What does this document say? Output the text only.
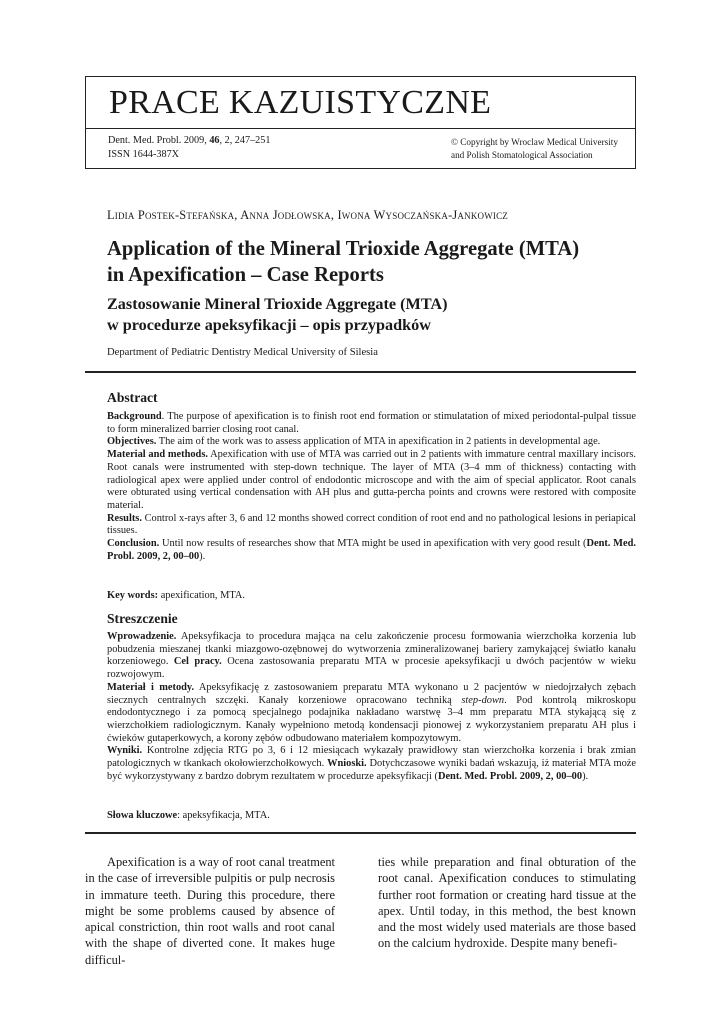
PRACE KAZUISTYCZNE
Dent. Med. Probl. 2009, 46, 2, 247–251
ISSN 1644-387X
© Copyright by Wroclaw Medical University
and Polish Stomatological Association
Lidia Postek-Stefańska, Anna Jodłowska, Iwona Wysoczańska-Jankowicz
Application of the Mineral Trioxide Aggregate (MTA)
in Apexification – Case Reports
Zastosowanie Mineral Trioxide Aggregate (MTA)
w procedurze apeksyfikacji – opis przypadków
Department of Pediatric Dentistry Medical University of Silesia
Abstract

Background. The purpose of apexification is to finish root end formation or stimulatation of mixed periodontal-pulpal tissue to form mineralized barrier closing root canal.

Objectives. The aim of the work was to assess application of MTA in apexification in 2 patients in developmental age.

Material and methods. Apexification with use of MTA was carried out in 2 patients with immature central maxillary incisors. Root canals were instrumented with step-down technique. The layer of MTA (3–4 mm of thickness) contacting with radiological apex were applied under control of endodontic microscope and with the aim of special applicator. Root canals were obturated using vertical condensation with AH plus and gutta-percha points and crowns were restored with composite material.

Results. Control x-rays after 3, 6 and 12 months showed correct condition of root end and no pathological lesions in periapical tissues.

Conclusion. Until now results of researches show that MTA might be used in apexification with very good result (Dent. Med. Probl. 2009, 2, 00–00).

Key words: apexification, MTA.
Streszczenie

Wprowadzenie. Apeksyfikacja to procedura mająca na celu zakończenie procesu formowania wierzchołka korzenia lub pobudzenia mieszanej tkanki miazgowo-ozębnowej do wytworzenia zmineralizowanej bariery zamykającej światło kanału korzeniowego. Cel pracy. Ocena zastosowania preparatu MTA w procesie apeksyfikacji u dwóch pacjentów w wieku rozwojowym.

Materiał i metody. Apeksyfikację z zastosowaniem preparatu MTA wykonano u 2 pacjentów w niedojrzałych zębach siecznych centralnych szczęki. Kanały korzeniowe opracowano techniką step-down. Pod kontrolą mikroskopu endodontycznego i za pomocą specjalnego podajnika nakładano warstwę 3–4 mm preparatu MTA stykającą się z wierzchołkiem radiologicznym. Kanały wypełniono metodą kondensacji pionowej z wykorzystaniem preparatu AH plus i ćwieków gutaperkowych, a korony zębów odbudowano materiałem kompozytowym.

Wyniki. Kontrolne zdjęcia RTG po 3, 6 i 12 miesiącach wykazały prawidłowy stan wierzchołka korzenia i brak zmian patologicznych w tkankach okołowierzchołkowych. Wnioski. Dotychczasowe wyniki badań wskazują, iż materiał MTA może być wykorzystywany z bardzo dobrym rezultatem w procedurze apeksyfikacji (Dent. Med. Probl. 2009, 2, 00–00).

Słowa kluczowe: apeksyfikacja, MTA.

Apexification is a way of root canal treatment in the case of irreversible pulpitis or pulp necrosis in immature teeth. During this procedure, there might be some problems caused by absence of apical constriction, thin root walls and root canal with the shape of diverted cone. It makes huge difficul-

ties while preparation and final obturation of the root canal. Apexification conduces to stimulating further root formation or creating hard tissue at the apex. Until today, in this method, the best known and the most widely used materials are those based on the calcium hydroxide. Despite many benefi-
